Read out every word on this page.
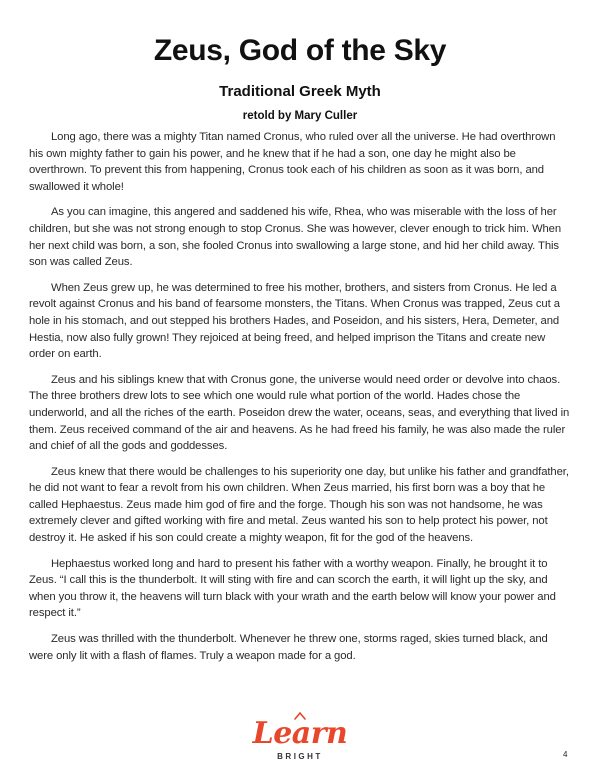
Zeus, God of the Sky
Traditional Greek Myth
retold by Mary Culler

Long ago, there was a mighty Titan named Cronus, who ruled over all the universe. He had overthrown his own mighty father to gain his power, and he knew that if he had a son, one day he might also be overthrown. To prevent this from happening, Cronus took each of his children as soon as it was born, and swallowed it whole!

As you can imagine, this angered and saddened his wife, Rhea, who was miserable with the loss of her children, but she was not strong enough to stop Cronus. She was however, clever enough to trick him. When her next child was born, a son, she fooled Cronus into swallowing a large stone, and hid her child away. This son was called Zeus.

When Zeus grew up, he was determined to free his mother, brothers, and sisters from Cronus. He led a revolt against Cronus and his band of fearsome monsters, the Titans. When Cronus was trapped, Zeus cut a hole in his stomach, and out stepped his brothers Hades, and Poseidon, and his sisters, Hera, Demeter, and Hestia, now also fully grown! They rejoiced at being freed, and helped imprison the Titans and create new order on earth.

Zeus and his siblings knew that with Cronus gone, the universe would need order or devolve into chaos. The three brothers drew lots to see which one would rule what portion of the world. Hades chose the underworld, and all the riches of the earth. Poseidon drew the water, oceans, seas, and everything that lived in them. Zeus received command of the air and heavens. As he had freed his family, he was also made the ruler and chief of all the gods and goddesses.

Zeus knew that there would be challenges to his superiority one day, but unlike his father and grandfather, he did not want to fear a revolt from his own children. When Zeus married, his first born was a boy that he called Hephaestus. Zeus made him god of fire and the forge. Though his son was not handsome, he was extremely clever and gifted working with fire and metal. Zeus wanted his son to help protect his power, not destroy it. He asked if his son could create a mighty weapon, fit for the god of the heavens.

Hephaestus worked long and hard to present his father with a worthy weapon. Finally, he brought it to Zeus. “I call this is the thunderbolt. It will sting with fire and can scorch the earth, it will light up the sky, and when you throw it, the heavens will turn black with your wrath and the earth below will know your power and respect it.”

Zeus was thrilled with the thunderbolt. Whenever he threw one, storms raged, skies turned black, and were only lit with a flash of flames. Truly a weapon made for a god.

Learn
BRIGHT	4
